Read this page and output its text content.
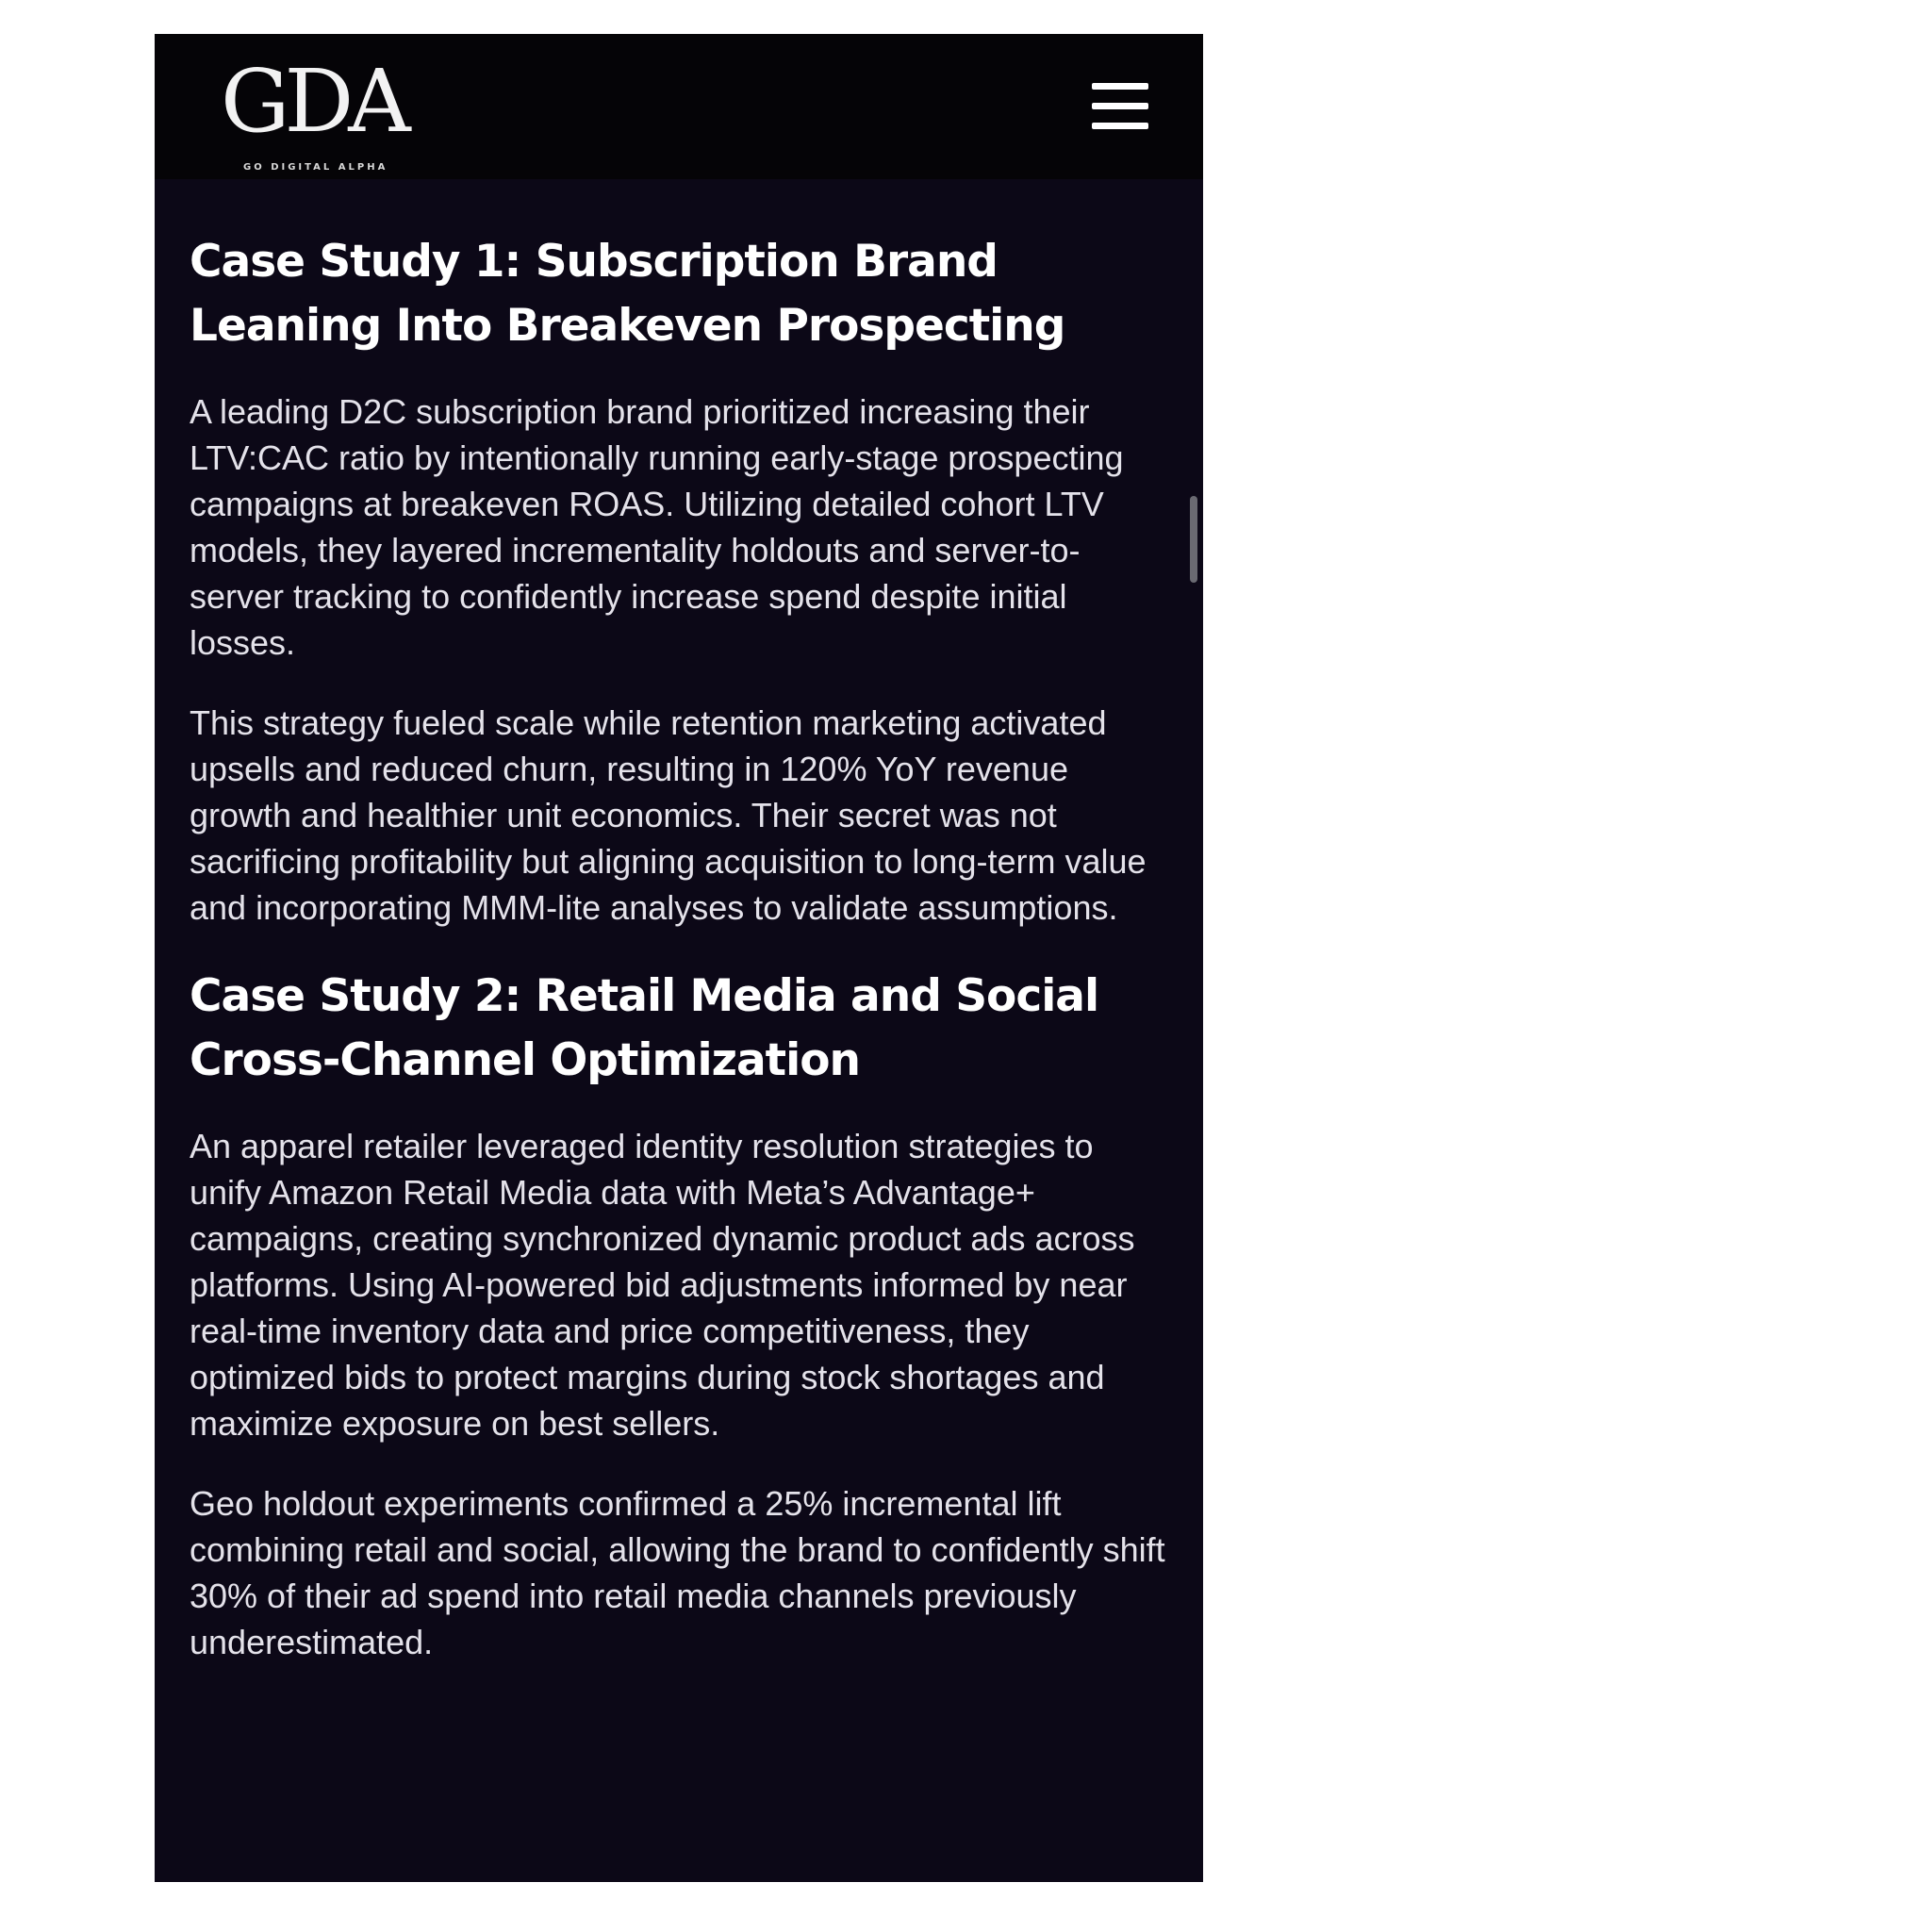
GDA
GO DIGITAL ALPHA
Case Study 1: Subscription Brand Leaning Into Breakeven Prospecting

A leading D2C subscription brand prioritized increasing their LTV:CAC ratio by intentionally running early-stage prospecting campaigns at breakeven ROAS. Utilizing detailed cohort LTV models, they layered incrementality holdouts and server-to-server tracking to confidently increase spend despite initial losses.

This strategy fueled scale while retention marketing activated upsells and reduced churn, resulting in 120% YoY revenue growth and healthier unit economics. Their secret was not sacrificing profitability but aligning acquisition to long-term value and incorporating MMM-lite analyses to validate assumptions.

Case Study 2: Retail Media and Social Cross-Channel Optimization

An apparel retailer leveraged identity resolution strategies to unify Amazon Retail Media data with Meta’s Advantage+ campaigns, creating synchronized dynamic product ads across platforms. Using AI-powered bid adjustments informed by near real-time inventory data and price competitiveness, they optimized bids to protect margins during stock shortages and maximize exposure on best sellers.

Geo holdout experiments confirmed a 25% incremental lift combining retail and social, allowing the brand to confidently shift 30% of their ad spend into retail media channels previously underestimated.
